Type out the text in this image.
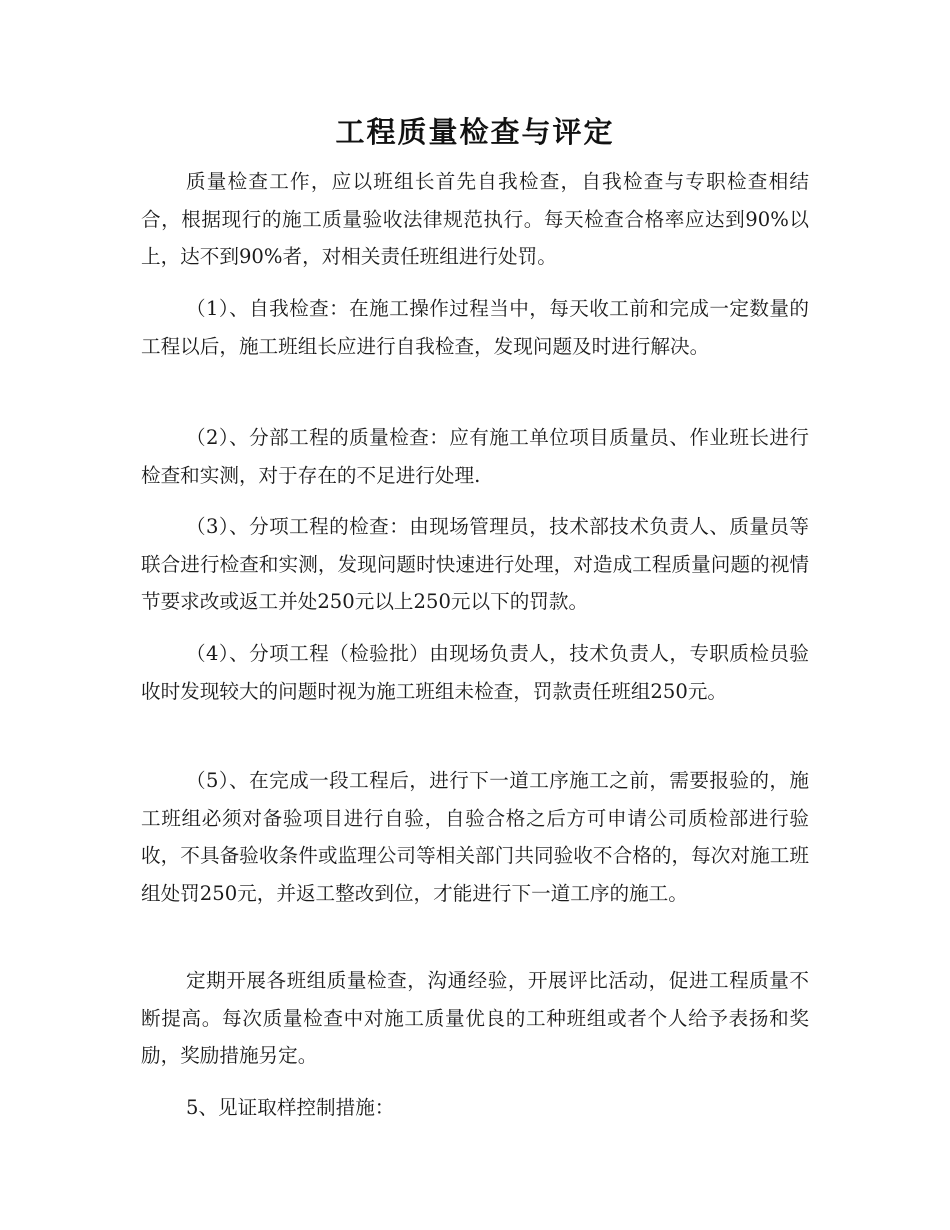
工程质量检查与评定

质量检查工作，应以班组长首先自我检查，自我检查与专职检查相结合，根据现行的施工质量验收法律规范执行。每天检查合格率应达到90%以上，达不到90%者，对相关责任班组进行处罚。

（1）、自我检查：在施工操作过程当中，每天收工前和完成一定数量的工程以后，施工班组长应进行自我检查，发现问题及时进行解决。

（2）、分部工程的质量检查：应有施工单位项目质量员、作业班长进行检查和实测，对于存在的不足进行处理.

（3）、分项工程的检查：由现场管理员，技术部技术负责人、质量员等联合进行检查和实测，发现问题时快速进行处理，对造成工程质量问题的视情节要求改或返工并处250元以上250元以下的罚款。

（4）、分项工程（检验批）由现场负责人，技术负责人，专职质检员验收时发现较大的问题时视为施工班组未检查，罚款责任班组250元。

（5）、在完成一段工程后，进行下一道工序施工之前，需要报验的，施工班组必须对备验项目进行自验，自验合格之后方可申请公司质检部进行验收，不具备验收条件或监理公司等相关部门共同验收不合格的，每次对施工班组处罚250元，并返工整改到位，才能进行下一道工序的施工。

定期开展各班组质量检查，沟通经验，开展评比活动，促进工程质量不断提高。每次质量检查中对施工质量优良的工种班组或者个人给予表扬和奖励，奖励措施另定。

5、见证取样控制措施：
